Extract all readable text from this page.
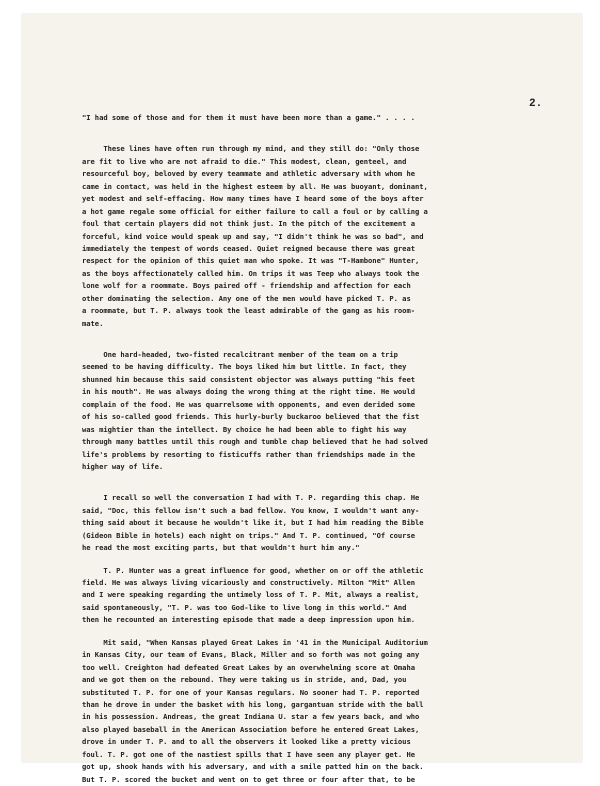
2.
"I had some of those and for them it must have been more than a game." . . . .
These lines have often run through my mind, and they still do: "Only those
are fit to live who are not afraid to die." This modest, clean, genteel, and
resourceful boy, beloved by every teammate and athletic adversary with whom he
came in contact, was held in the highest esteem by all. He was buoyant, dominant,
yet modest and self-effacing. How many times have I heard some of the boys after
a hot game regale some official for either failure to call a foul or by calling a
foul that certain players did not think just. In the pitch of the excitement a
forceful, kind voice would speak up and say, "I didn't think he was so bad", and
immediately the tempest of words ceased. Quiet reigned because there was great
respect for the opinion of this quiet man who spoke. It was "T-Hambone" Hunter,
as the boys affectionately called him. On trips it was Teep who always took the
lone wolf for a roommate. Boys paired off - friendship and affection for each
other dominating the selection. Any one of the men would have picked T. P. as
a roommate, but T. P. always took the least admirable of the gang as his room-
mate.
One hard-headed, two-fisted recalcitrant member of the team on a trip
seemed to be having difficulty. The boys liked him but little. In fact, they
shunned him because this said consistent objector was always putting "his feet
in his mouth". He was always doing the wrong thing at the right time. He would
complain of the food. He was quarrelsome with opponents, and even derided some
of his so-called good friends. This hurly-burly buckaroo believed that the fist
was mightier than the intellect. By choice he had been able to fight his way
through many battles until this rough and tumble chap believed that he had solved
life's problems by resorting to fisticuffs rather than friendships made in the
higher way of life.
I recall so well the conversation I had with T. P. regarding this chap. He
said, "Doc, this fellow isn't such a bad fellow. You know, I wouldn't want any-
thing said about it because he wouldn't like it, but I had him reading the Bible
(Gideon Bible in hotels) each night on trips." And T. P. continued, "Of course
he read the most exciting parts, but that wouldn't hurt him any."
T. P. Hunter was a great influence for good, whether on or off the athletic
field. He was always living vicariously and constructively. Milton "Mit" Allen
and I were speaking regarding the untimely loss of T. P. Mit, always a realist,
said spontaneously, "T. P. was too God-like to live long in this world." And
then he recounted an interesting episode that made a deep impression upon him.
Mit said, "When Kansas played Great Lakes in '41 in the Municipal Auditorium
in Kansas City, our team of Evans, Black, Miller and so forth was not going any
too well. Creighton had defeated Great Lakes by an overwhelming score at Omaha
and we got them on the rebound. They were taking us in stride, and, Dad, you
substituted T. P. for one of your Kansas regulars. No sooner had T. P. reported
than he drove in under the basket with his long, gargantuan stride with the ball
in his possession. Andreas, the great Indiana U. star a few years back, and who
also played baseball in the American Association before he entered Great Lakes,
drove in under T. P. and to all the observers it looked like a pretty vicious
foul. T. P. got one of the nastiest spills that I have seen any player get. He
got up, shook hands with his adversary, and with a smile patted him on the back.
But T. P. scored the bucket and went on to get three or four after that, to be
